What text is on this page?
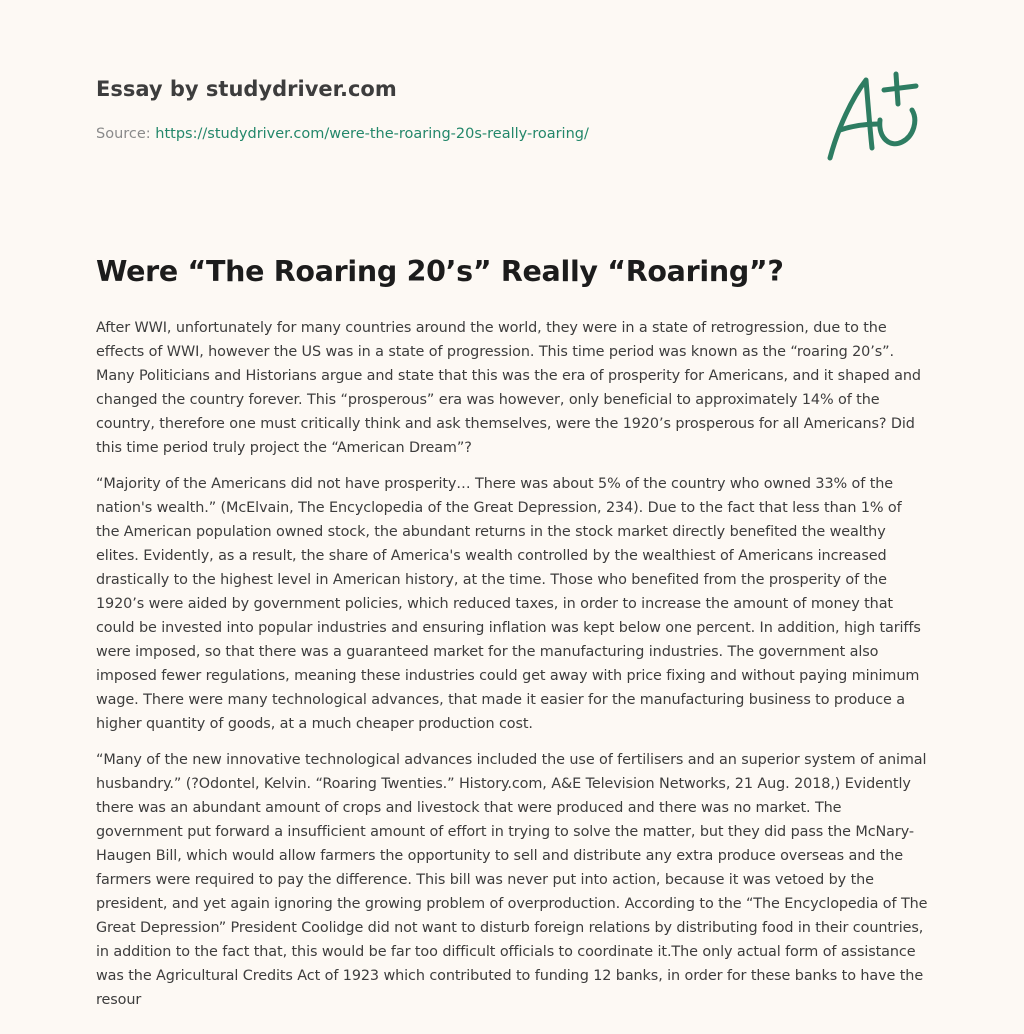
Essay by studydriver.com
Source: https://studydriver.com/were-the-roaring-20s-really-roaring/
Were “The Roaring 20’s” Really “Roaring”?

After WWI, unfortunately for many countries around the world, they were in a state of retrogression, due to the effects of WWI, however the US was in a state of progression. This time period was known as the “roaring 20’s”. Many Politicians and Historians argue and state that this was the era of prosperity for Americans, and it shaped and changed the country forever. This “prosperous” era was however, only beneficial to approximately 14% of the country, therefore one must critically think and ask themselves, were the 1920’s prosperous for all Americans? Did this time period truly project the “American Dream”?

“Majority of the Americans did not have prosperity… There was about 5% of the country who owned 33% of the nation's wealth.” (McElvain, The Encyclopedia of the Great Depression, 234). Due to the fact that less than 1% of the American population owned stock, the abundant returns in the stock market directly benefited the wealthy elites. Evidently, as a result, the share of America's wealth controlled by the wealthiest of Americans increased drastically to the highest level in American history, at the time. Those who benefited from the prosperity of the 1920’s were aided by government policies, which reduced taxes, in order to increase the amount of money that could be invested into popular industries and ensuring inflation was kept below one percent. In addition, high tariffs were imposed, so that there was a guaranteed market for the manufacturing industries. The government also imposed fewer regulations, meaning these industries could get away with price fixing and without paying minimum wage. There were many technological advances, that made it easier for the manufacturing business to produce a higher quantity of goods, at a much cheaper production cost.

“Many of the new innovative technological advances included the use of fertilisers and an superior system of animal husbandry.” (?Odontel, Kelvin. “Roaring Twenties.” History.com, A&E Television Networks, 21 Aug. 2018,) Evidently there was an abundant amount of crops and livestock that were produced and there was no market. The government put forward a insufficient amount of effort in trying to solve the matter, but they did pass the McNary-Haugen Bill, which would allow farmers the opportunity to sell and distribute any extra produce overseas and the farmers were required to pay the difference. This bill was never put into action, because it was vetoed by the president, and yet again ignoring the growing problem of overproduction. According to the “The Encyclopedia of The Great Depression” President Coolidge did not want to disturb foreign relations by distributing food in their countries, in addition to the fact that, this would be far too difficult officials to coordinate it.The only actual form of assistance was the Agricultural Credits Act of 1923 which contributed to funding 12 banks, in order for these banks to have the resour
